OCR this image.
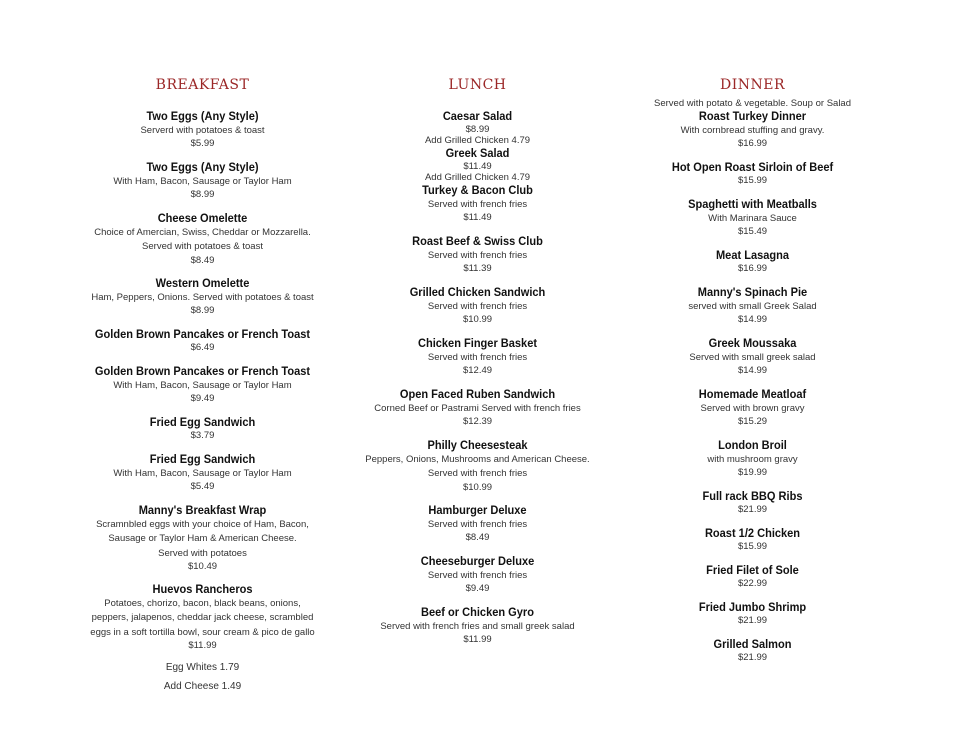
BREAKFAST
Two Eggs (Any Style)
Serverd with potatoes & toast
$5.99
Two Eggs (Any Style)
With Ham, Bacon, Sausage or Taylor Ham
$8.99
Cheese Omelette
Choice of Amercian, Swiss, Cheddar or Mozzarella. Served with potatoes & toast
$8.49
Western Omelette
Ham, Peppers, Onions. Served with potatoes & toast
$8.99
Golden Brown Pancakes or French Toast
$6.49
Golden Brown Pancakes or French Toast
With Ham, Bacon, Sausage or Taylor Ham
$9.49
Fried Egg Sandwich
$3.79
Fried Egg Sandwich
With Ham, Bacon, Sausage or Taylor Ham
$5.49
Manny's Breakfast Wrap
Scramnbled eggs with your choice of Ham, Bacon, Sausage or Taylor Ham & American Cheese. Served with potatoes
$10.49
Huevos Rancheros
Potatoes, chorizo, bacon, black beans, onions, peppers, jalapenos, cheddar jack cheese, scrambled eggs in a soft tortilla bowl, sour cream & pico de gallo
$11.99
Egg Whites 1.79
Add Cheese 1.49
LUNCH
Caesar Salad
$8.99
Add Grilled Chicken 4.79
Greek Salad
$11.49
Add Grilled Chicken 4.79
Turkey & Bacon Club
Served with french fries
$11.49
Roast Beef & Swiss Club
Served with french fries
$11.39
Grilled Chicken Sandwich
Served with french fries
$10.99
Chicken Finger Basket
Served with french fries
$12.49
Open Faced Ruben Sandwich
Corned Beef or Pastrami Served with french fries
$12.39
Philly Cheesesteak
Peppers, Onions, Mushrooms and American Cheese. Served with french fries
$10.99
Hamburger Deluxe
Served with french fries
$8.49
Cheeseburger Deluxe
Served with french fries
$9.49
Beef or Chicken Gyro
Served with french fries and small greek salad
$11.99
DINNER
Served with potato & vegetable. Soup or Salad
Roast Turkey Dinner
With cornbread stuffing and gravy.
$16.99
Hot Open Roast Sirloin of Beef
$15.99
Spaghetti with Meatballs
With Marinara Sauce
$15.49
Meat Lasagna
$16.99
Manny's Spinach Pie
served with small Greek Salad
$14.99
Greek Moussaka
Served with small greek salad
$14.99
Homemade Meatloaf
Served with brown gravy
$15.29
London Broil
with mushroom gravy
$19.99
Full rack BBQ Ribs
$21.99
Roast 1/2 Chicken
$15.99
Fried Filet of Sole
$22.99
Fried Jumbo Shrimp
$21.99
Grilled Salmon
$21.99
